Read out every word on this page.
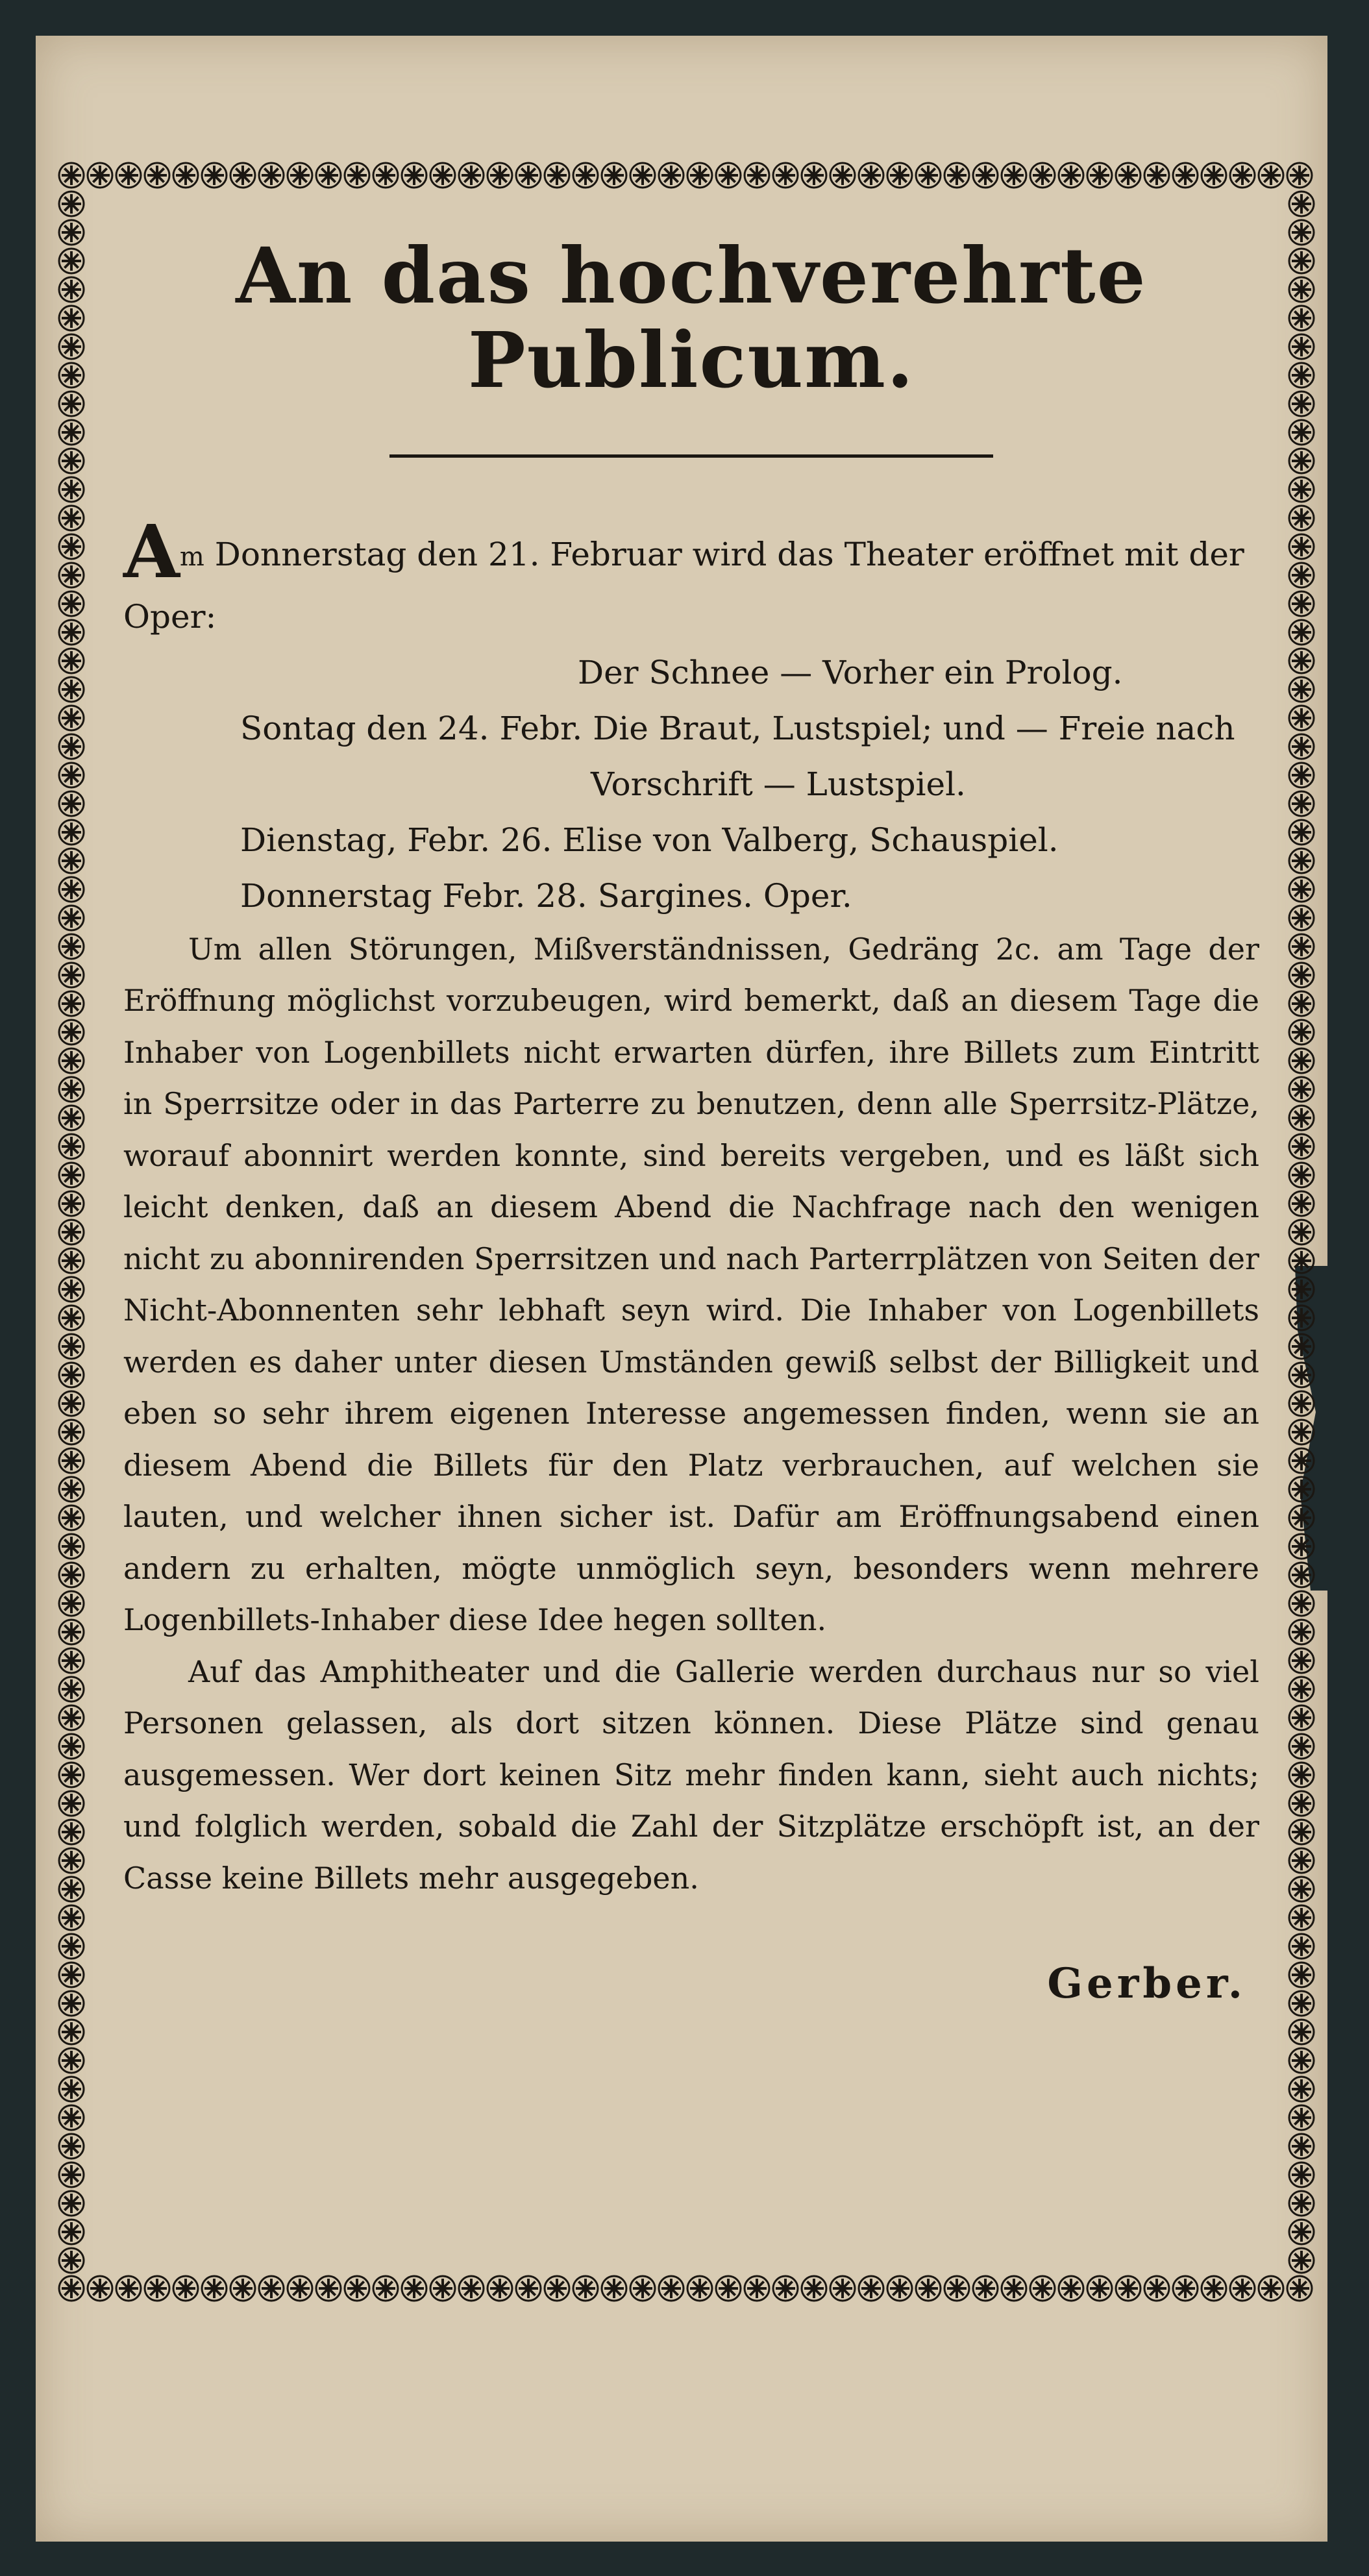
An das hochverehrte Publicum.
Am Donnerstag den 21. Februar wird das Theater eröffnet mit der Oper:
Der Schnee — Vorher ein Prolog.
Sontag den 24. Febr. Die Braut, Lustspiel; und — Freie nach
Vorschrift — Lustspiel.
Dienstag, Febr. 26. Elise von Valberg, Schauspiel.
Donnerstag Febr. 28. Sargines. Oper.

Um allen Störungen, Mißverständnissen, Gedräng 2c. am Tage der Eröffnung möglichst vorzubeugen, wird bemerkt, daß an diesem Tage die Inhaber von Logenbillets nicht erwarten dürfen, ihre Billets zum Eintritt in Sperrsitze oder in das Parterre zu benutzen, denn alle Sperrsitz-Plätze, worauf abonnirt werden konnte, sind bereits vergeben, und es läßt sich leicht denken, daß an diesem Abend die Nachfrage nach den wenigen nicht zu abonnirenden Sperrsitzen und nach Parterrplätzen von Seiten der Nicht-Abonnenten sehr lebhaft seyn wird. Die Inhaber von Logenbillets werden es daher unter diesen Umständen gewiß selbst der Billigkeit und eben so sehr ihrem eigenen Interesse angemessen finden, wenn sie an diesem Abend die Billets für den Platz verbrauchen, auf welchen sie lauten, und welcher ihnen sicher ist. Dafür am Eröffnungsabend einen andern zu erhalten, mögte unmöglich seyn, besonders wenn mehrere Logenbillets-Inhaber diese Idee hegen sollten.

Auf das Amphitheater und die Gallerie werden durchaus nur so viel Personen gelassen, als dort sitzen können. Diese Plätze sind genau ausgemessen. Wer dort keinen Sitz mehr finden kann, sieht auch nichts; und folglich werden, sobald die Zahl der Sitzplätze erschöpft ist, an der Casse keine Billets mehr ausgegeben.

Gerber.
